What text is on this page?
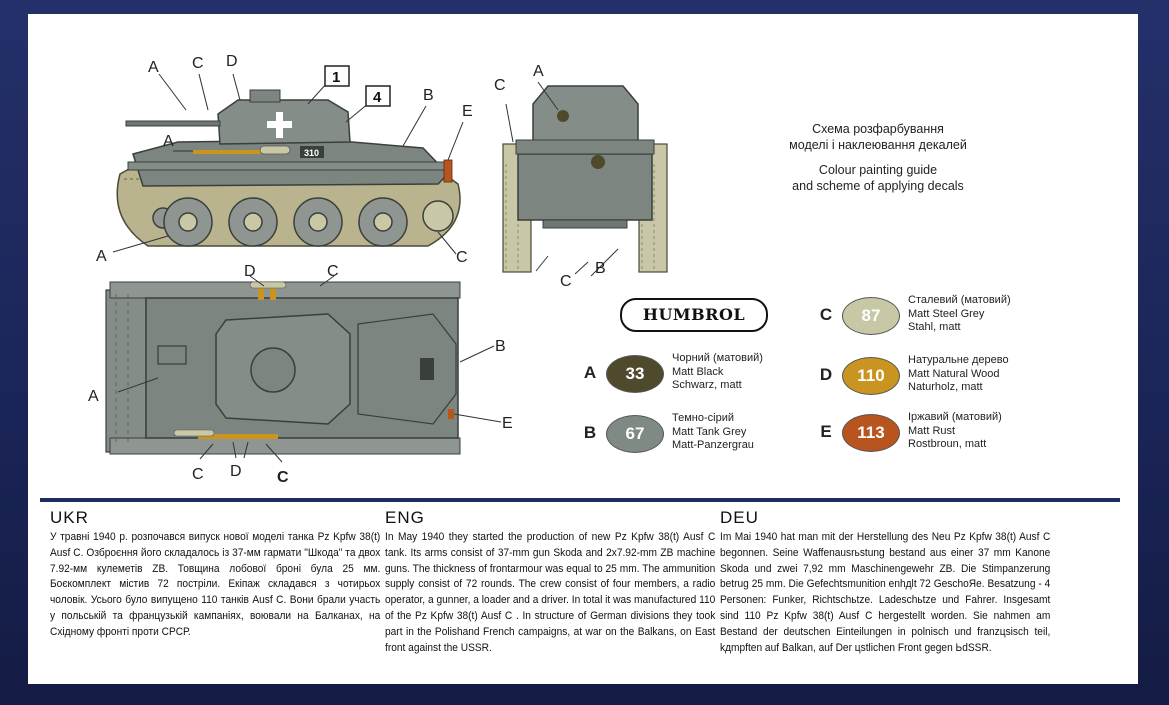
310
1
4
A C D
A
B
E
A	C
A
C
C
B
D	C
A
B
E
C D C
Схема розфарбування
моделі і наклеювання декалей
Colour painting guide
and scheme of applying decals
HUMBROL
A	33
Чорний (матовий)
Matt Black
Schwarz, matt
B	67
Темно-сірий
Matt Tank Grey
Matt-Panzergrau
C	87
Сталевий (матовий)
Matt Steel Grey
Stahl, matt
D	110
Натуральне дерево
Matt Natural Wood
Naturholz, matt
E	113
Іржавий (матовий)
Matt Rust
Rostbroun, matt
UKR

У травні 1940 р. розпочався випуск нової моделі танка Pz Kpfw 38(t) Ausf C. Озброєння його складалось із 37-мм гармати "Шкода" та двох 7.92-мм кулеметів ZB. Товщина лобової броні була 25 мм. Боєкомплект містив 72 постріли. Екіпаж складався з чотирьох чоловік. Усього було випущено 110 танків Ausf C. Вони брали участь у польській та французькій кампаніях, воювали на Балканах, на Східному фронті проти СРСР.

ENG

In May 1940 they started the production of new Pz Kpfw 38(t) Ausf C tank. Its arms consist of 37-mm gun Skoda and 2x7.92-mm ZB machine guns. The thickness of frontarmour was equal to 25 mm. The ammunition supply consist of 72 rounds. The crew consist of four members, a radio operator, a gunner, a loader and a driver. In total it was manufactured 110 of the Pz Kpfw 38(t) Ausf C . In structure of German divisions they took part in the Polishand French campaigns, at war on the Balkans, on East front against the USSR.

DEU

Im Mai 1940 hat man mit der Herstellung des Neu Pz Kpfw 38(t) Ausf C begonnen. Seine Waffenausrьstung bestand aus einer 37 mm Kanone Skoda und zwei 7,92 mm Maschinengewehr ZB. Die Stimpanzerung betrug 25 mm. Die Gefechtsmunition enhдlt 72 GeschoЯe. Besatzung - 4 Personen: Funker, Richtschьtze. Ladeschьtze und Fahrer. Insgesamt sind 110 Pz Kpfw 38(t) Ausf C hergestellt worden. Sie nahmen am Bestand der deutschen Einteilungen in polnisch und franzцsisch teil, kдmpften auf Balkan, auf Der цstlichen Front gegen ЬdSSR.
